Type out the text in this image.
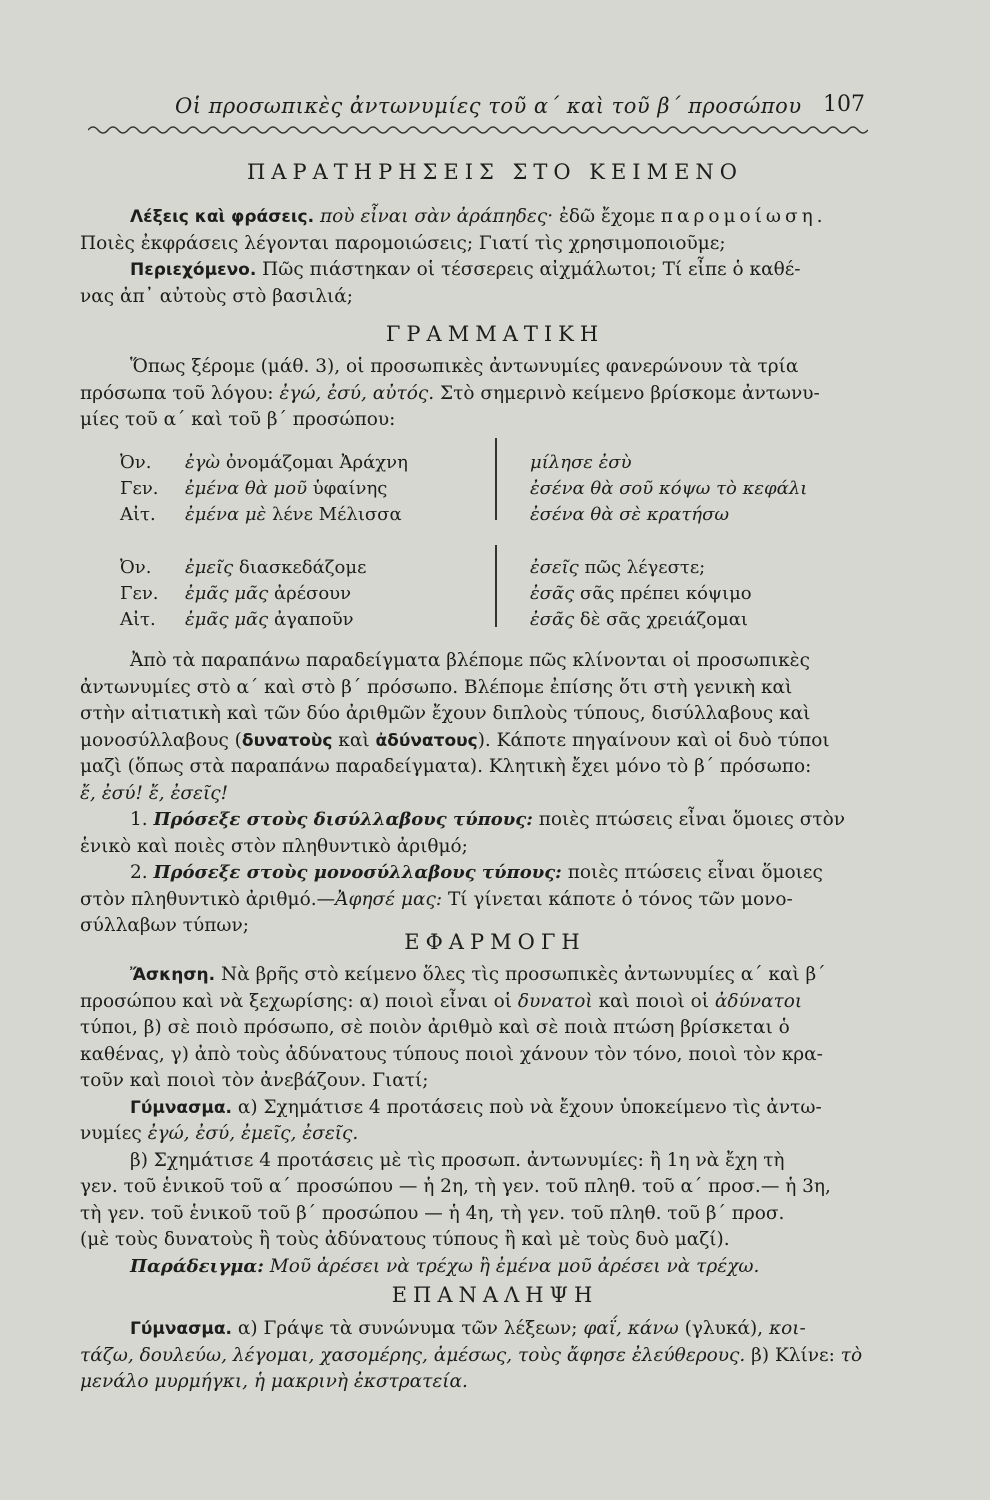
Οἱ προσωπικὲς ἀντωνυμίες τοῦ α΄ καὶ τοῦ β΄ προσώπου 107
ΠΑΡΑΤΗΡΗΣΕΙΣ ΣΤΟ ΚΕΙΜΕΝΟ
Λέξεις καὶ φράσεις. ποὺ εἶναι σὰν ἀράπηδες· ἐδῶ ἔχομε παρομοίωση.
Ποιὲς ἐκφράσεις λέγονται παρομοιώσεις; Γιατί τὶς χρησιμοποιοῦμε;
Περιεχόμενο. Πῶς πιάστηκαν οἱ τέσσερεις αἰχμάλωτοι; Τί εἶπε ὁ καθέ-
νας ἀπ᾽ αὐτοὺς στὸ βασιλιά;
ΓΡΑΜΜΑΤΙΚΗ
Ὅπως ξέρομε (μάθ. 3), οἱ προσωπικὲς ἀντωνυμίες φανερώνουν τὰ τρία
πρόσωπα τοῦ λόγου: ἐγώ, ἐσύ, αὐτός. Στὸ σημερινὸ κείμενο βρίσκομε ἀντωνυ-
μίες τοῦ α΄ καὶ τοῦ β΄ προσώπου:
Ὀν.	ἐγὼ ὀνομάζομαι Ἀράχνη	μίλησε ἐσὺ
Γεν.	ἐμένα θὰ μοῦ ὑφαίνης	ἐσένα θὰ σοῦ κόψω τὸ κεφάλι
Αἰτ.	ἐμένα μὲ λένε Μέλισσα	ἐσένα θὰ σὲ κρατήσω
Ὀν.	ἐμεῖς διασκεδάζομε	ἐσεῖς πῶς λέγεστε;
Γεν.	ἐμᾶς μᾶς ἀρέσουν	ἐσᾶς σᾶς πρέπει κόψιμο
Αἰτ.	ἐμᾶς μᾶς ἀγαποῦν	ἐσᾶς δὲ σᾶς χρειάζομαι
Ἀπὸ τὰ παραπάνω παραδείγματα βλέπομε πῶς κλίνονται οἱ προσωπικὲς
ἀντωνυμίες στὸ α΄ καὶ στὸ β΄ πρόσωπο. Βλέπομε ἐπίσης ὅτι στὴ γενικὴ καὶ
στὴν αἰτιατικὴ καὶ τῶν δύο ἀριθμῶν ἔχουν διπλοὺς τύπους, δισύλλαβους καὶ
μονοσύλλαβους (δυνατοὺς καὶ ἀδύνατους). Κάποτε πηγαίνουν καὶ οἱ δυὸ τύποι
μαζὶ (ὅπως στὰ παραπάνω παραδείγματα). Κλητικὴ ἔχει μόνο τὸ β΄ πρόσωπο:
ἔ, ἐσύ! ἔ, ἐσεῖς!
1. Πρόσεξε στοὺς δισύλλαβους τύπους: ποιὲς πτώσεις εἶναι ὅμοιες στὸν
ἑνικὸ καὶ ποιὲς στὸν πληθυντικὸ ἀριθμό;
2. Πρόσεξε στοὺς μονοσύλλαβους τύπους: ποιὲς πτώσεις εἶναι ὅμοιες
στὸν πληθυντικὸ ἀριθμό.—Ἀφησέ μας: Τί γίνεται κάποτε ὁ τόνος τῶν μονο-
σύλλαβων τύπων;
ΕΦΑΡΜΟΓΗ
Ἄσκηση. Νὰ βρῆς στὸ κείμενο ὅλες τὶς προσωπικὲς ἀντωνυμίες α΄ καὶ β΄
προσώπου καὶ νὰ ξεχωρίσης: α) ποιοὶ εἶναι οἱ δυνατοὶ καὶ ποιοὶ οἱ ἀδύνατοι
τύποι, β) σὲ ποιὸ πρόσωπο, σὲ ποιὸν ἀριθμὸ καὶ σὲ ποιὰ πτώση βρίσκεται ὁ
καθένας, γ) ἀπὸ τοὺς ἀδύνατους τύπους ποιοὶ χάνουν τὸν τόνο, ποιοὶ τὸν κρα-
τοῦν καὶ ποιοὶ τὸν ἀνεβάζουν. Γιατί;
Γύμνασμα. α) Σχημάτισε 4 προτάσεις ποὺ νὰ ἔχουν ὑποκείμενο τὶς ἀντω-
νυμίες ἐγώ, ἐσύ, ἐμεῖς, ἐσεῖς.
β) Σχημάτισε 4 προτάσεις μὲ τὶς προσωπ. ἀντωνυμίες: ἢ 1η νὰ ἔχη τὴ
γεν. τοῦ ἑνικοῦ τοῦ α΄ προσώπου — ἡ 2η, τὴ γεν. τοῦ πληθ. τοῦ α΄ προσ.— ἡ 3η,
τὴ γεν. τοῦ ἑνικοῦ τοῦ β΄ προσώπου — ἡ 4η, τὴ γεν. τοῦ πληθ. τοῦ β΄ προσ.
(μὲ τοὺς δυνατοὺς ἢ τοὺς ἀδύνατους τύπους ἢ καὶ μὲ τοὺς δυὸ μαζί).
Παράδειγμα: Μοῦ ἀρέσει νὰ τρέχω ἢ ἐμένα μοῦ ἀρέσει νὰ τρέχω.
ΕΠΑΝΑΛΗΨΗ
Γύμνασμα. α) Γράψε τὰ συνώνυμα τῶν λέξεων; φαΐ, κάνω (γλυκά), κοι-
τάζω, δουλεύω, λέγομαι, χασομέρης, ἀμέσως, τοὺς ἄφησε ἐλεύθερους. β) Κλίνε: τὸ
μενάλο μυρμήγκι, ἡ μακρινὴ ἐκστρατεία.
